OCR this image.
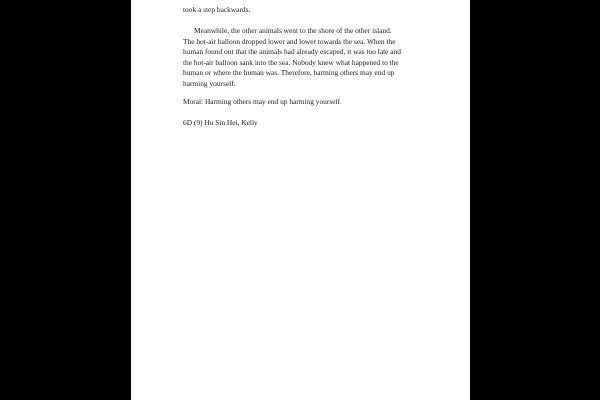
took a step backwards.

Meanwhile, the other animals went to the shore of the other island.
The hot-air balloon dropped lower and lower towards the sea. When the
human found out that the animals had already escaped, it was too late and
the hot-air balloon sank into the sea. Nobody knew what happened to the
human or where the human was. Therefore, harming others may end up
harming yourself.

Moral: Harming others may end up harming yourself.

6D (9) Hu Sin Hei, Kelly
